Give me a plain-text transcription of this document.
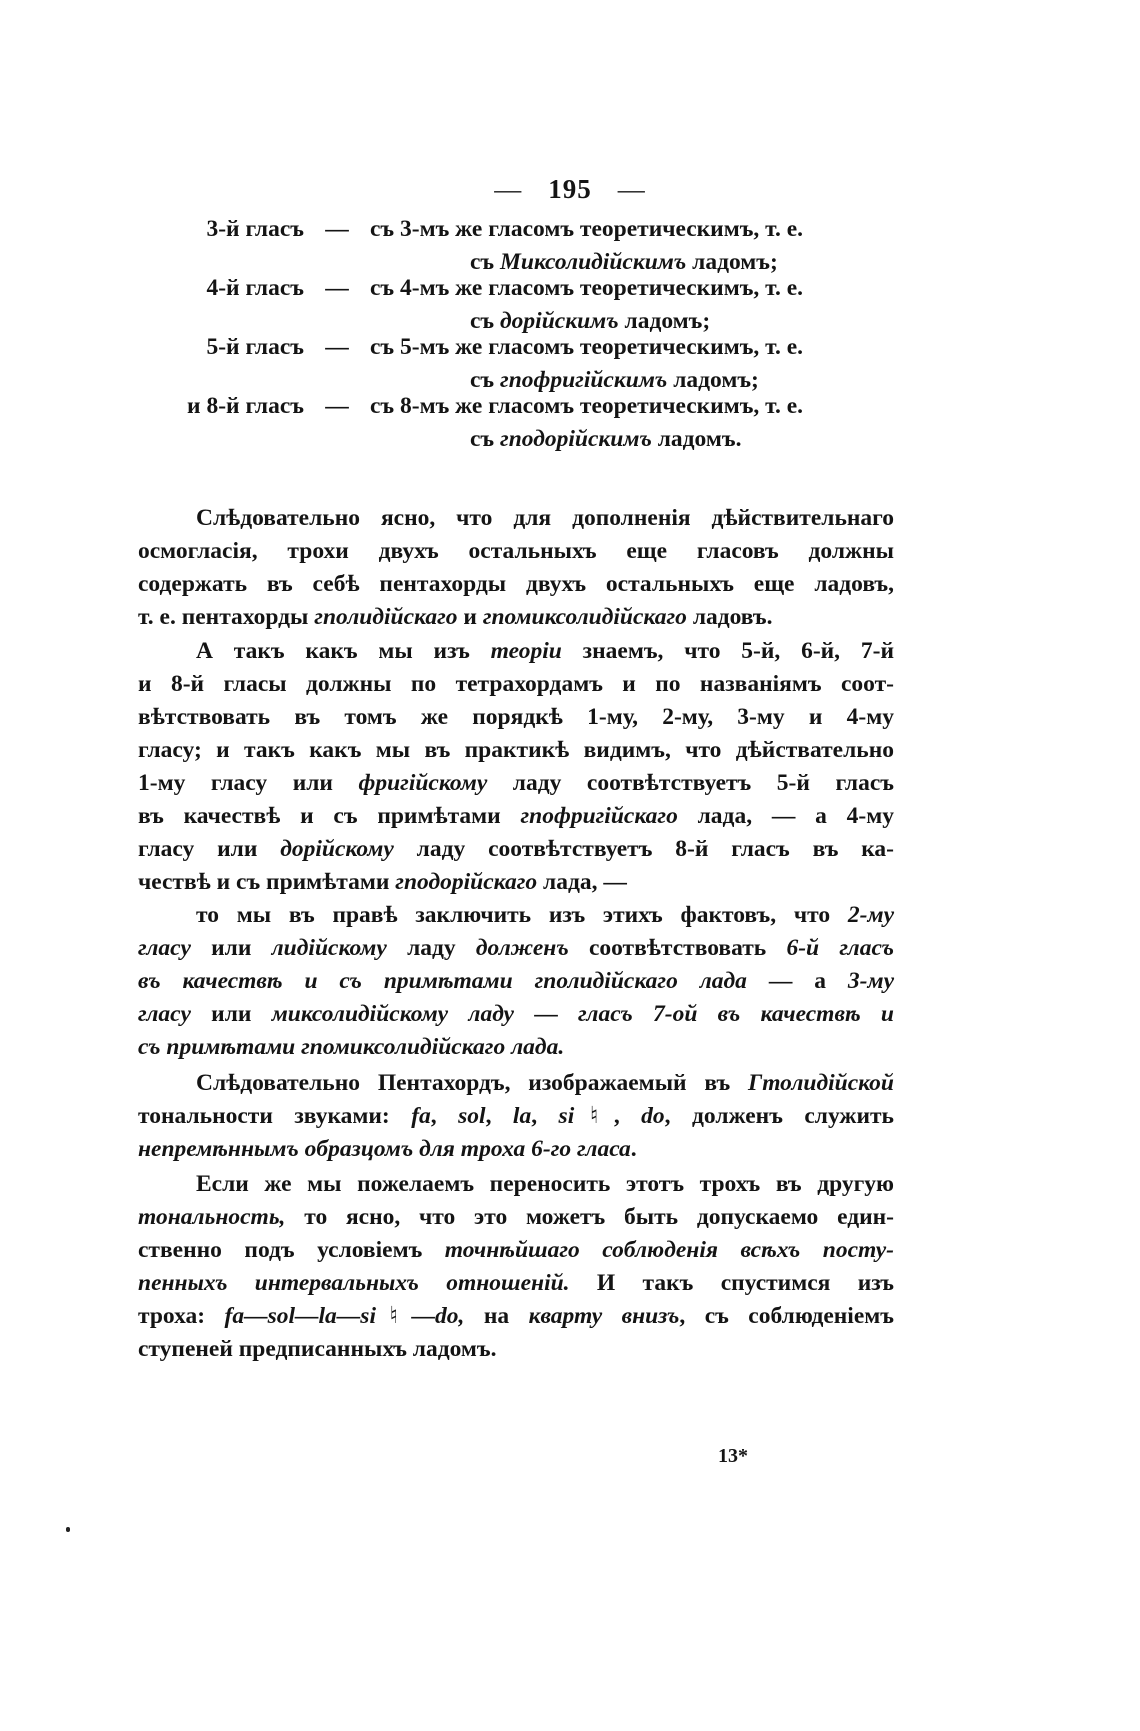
— 195 —
3-й гласъ — съ 3-мъ же гласомъ теоретическимъ, т. е.
съ Миксолидійскимъ ладомъ;
4-й гласъ — съ 4-мъ же гласомъ теоретическимъ, т. е.
съ дорійскимъ ладомъ;
5-й гласъ — съ 5-мъ же гласомъ теоретическимъ, т. е.
съ гпофригійскимъ ладомъ;
и 8-й гласъ — съ 8-мъ же гласомъ теоретическимъ, т. е.
съ гподорійскимъ ладомъ.
Слѣдовательно ясно, что для дополненія дѣйствительнаго
осмогласія, трохи двухъ остальныхъ еще гласовъ должны
содержать въ себѣ пентахорды двухъ остальныхъ еще ладовъ,
т. е. пентахорды гполидійскаго и гпомиксолидійскаго ладовъ.
А такъ какъ мы изъ теоріи знаемъ, что 5-й, 6-й, 7-й
и 8-й гласы должны по тетрахордамъ и по названіямъ соот-
вѣтствовать въ томъ же порядкѣ 1-му, 2-му, 3-му и 4-му
гласу; и такъ какъ мы въ практикѣ видимъ, что дѣйствательно
1-му гласу или фригійскому ладу соотвѣтствуетъ 5-й гласъ
въ качествѣ и съ примѣтами гпофригійскаго лада, — а 4-му
гласу или дорійскому ладу соотвѣтствуетъ 8-й гласъ въ ка-
чествѣ и съ примѣтами гподорійскаго лада, —
то мы въ правѣ заключить изъ этихъ фактовъ, что 2-му
гласу или лидійскому ладу долженъ соотвѣтствовать 6-й гласъ
въ качествѣ и съ примѣтами гполидійскаго лада — а 3-му
гласу или миксолидійскому ладу — гласъ 7-ой въ качествѣ и
съ примѣтами гпомиксолидійскаго лада.
Слѣдовательно Пентахордъ, изображаемый въ Гтолидійской
тональности звуками: fa, sol, la, si♮, do, долженъ служить
непремѣннымъ образцомъ для троха 6-го гласа.
Если же мы пожелаемъ переносить этотъ трохъ въ другую
тональность, то ясно, что это можетъ быть допускаемо един-
ственно подъ условіемъ точнѣйшаго соблюденія всѣхъ посту-
пенныхъ интервальныхъ отношеній. И такъ спустимся изъ
троха: fa—sol—la—si♮—do, на кварту внизъ, съ соблюденіемъ
ступеней предписанныхъ ладомъ.
13*
